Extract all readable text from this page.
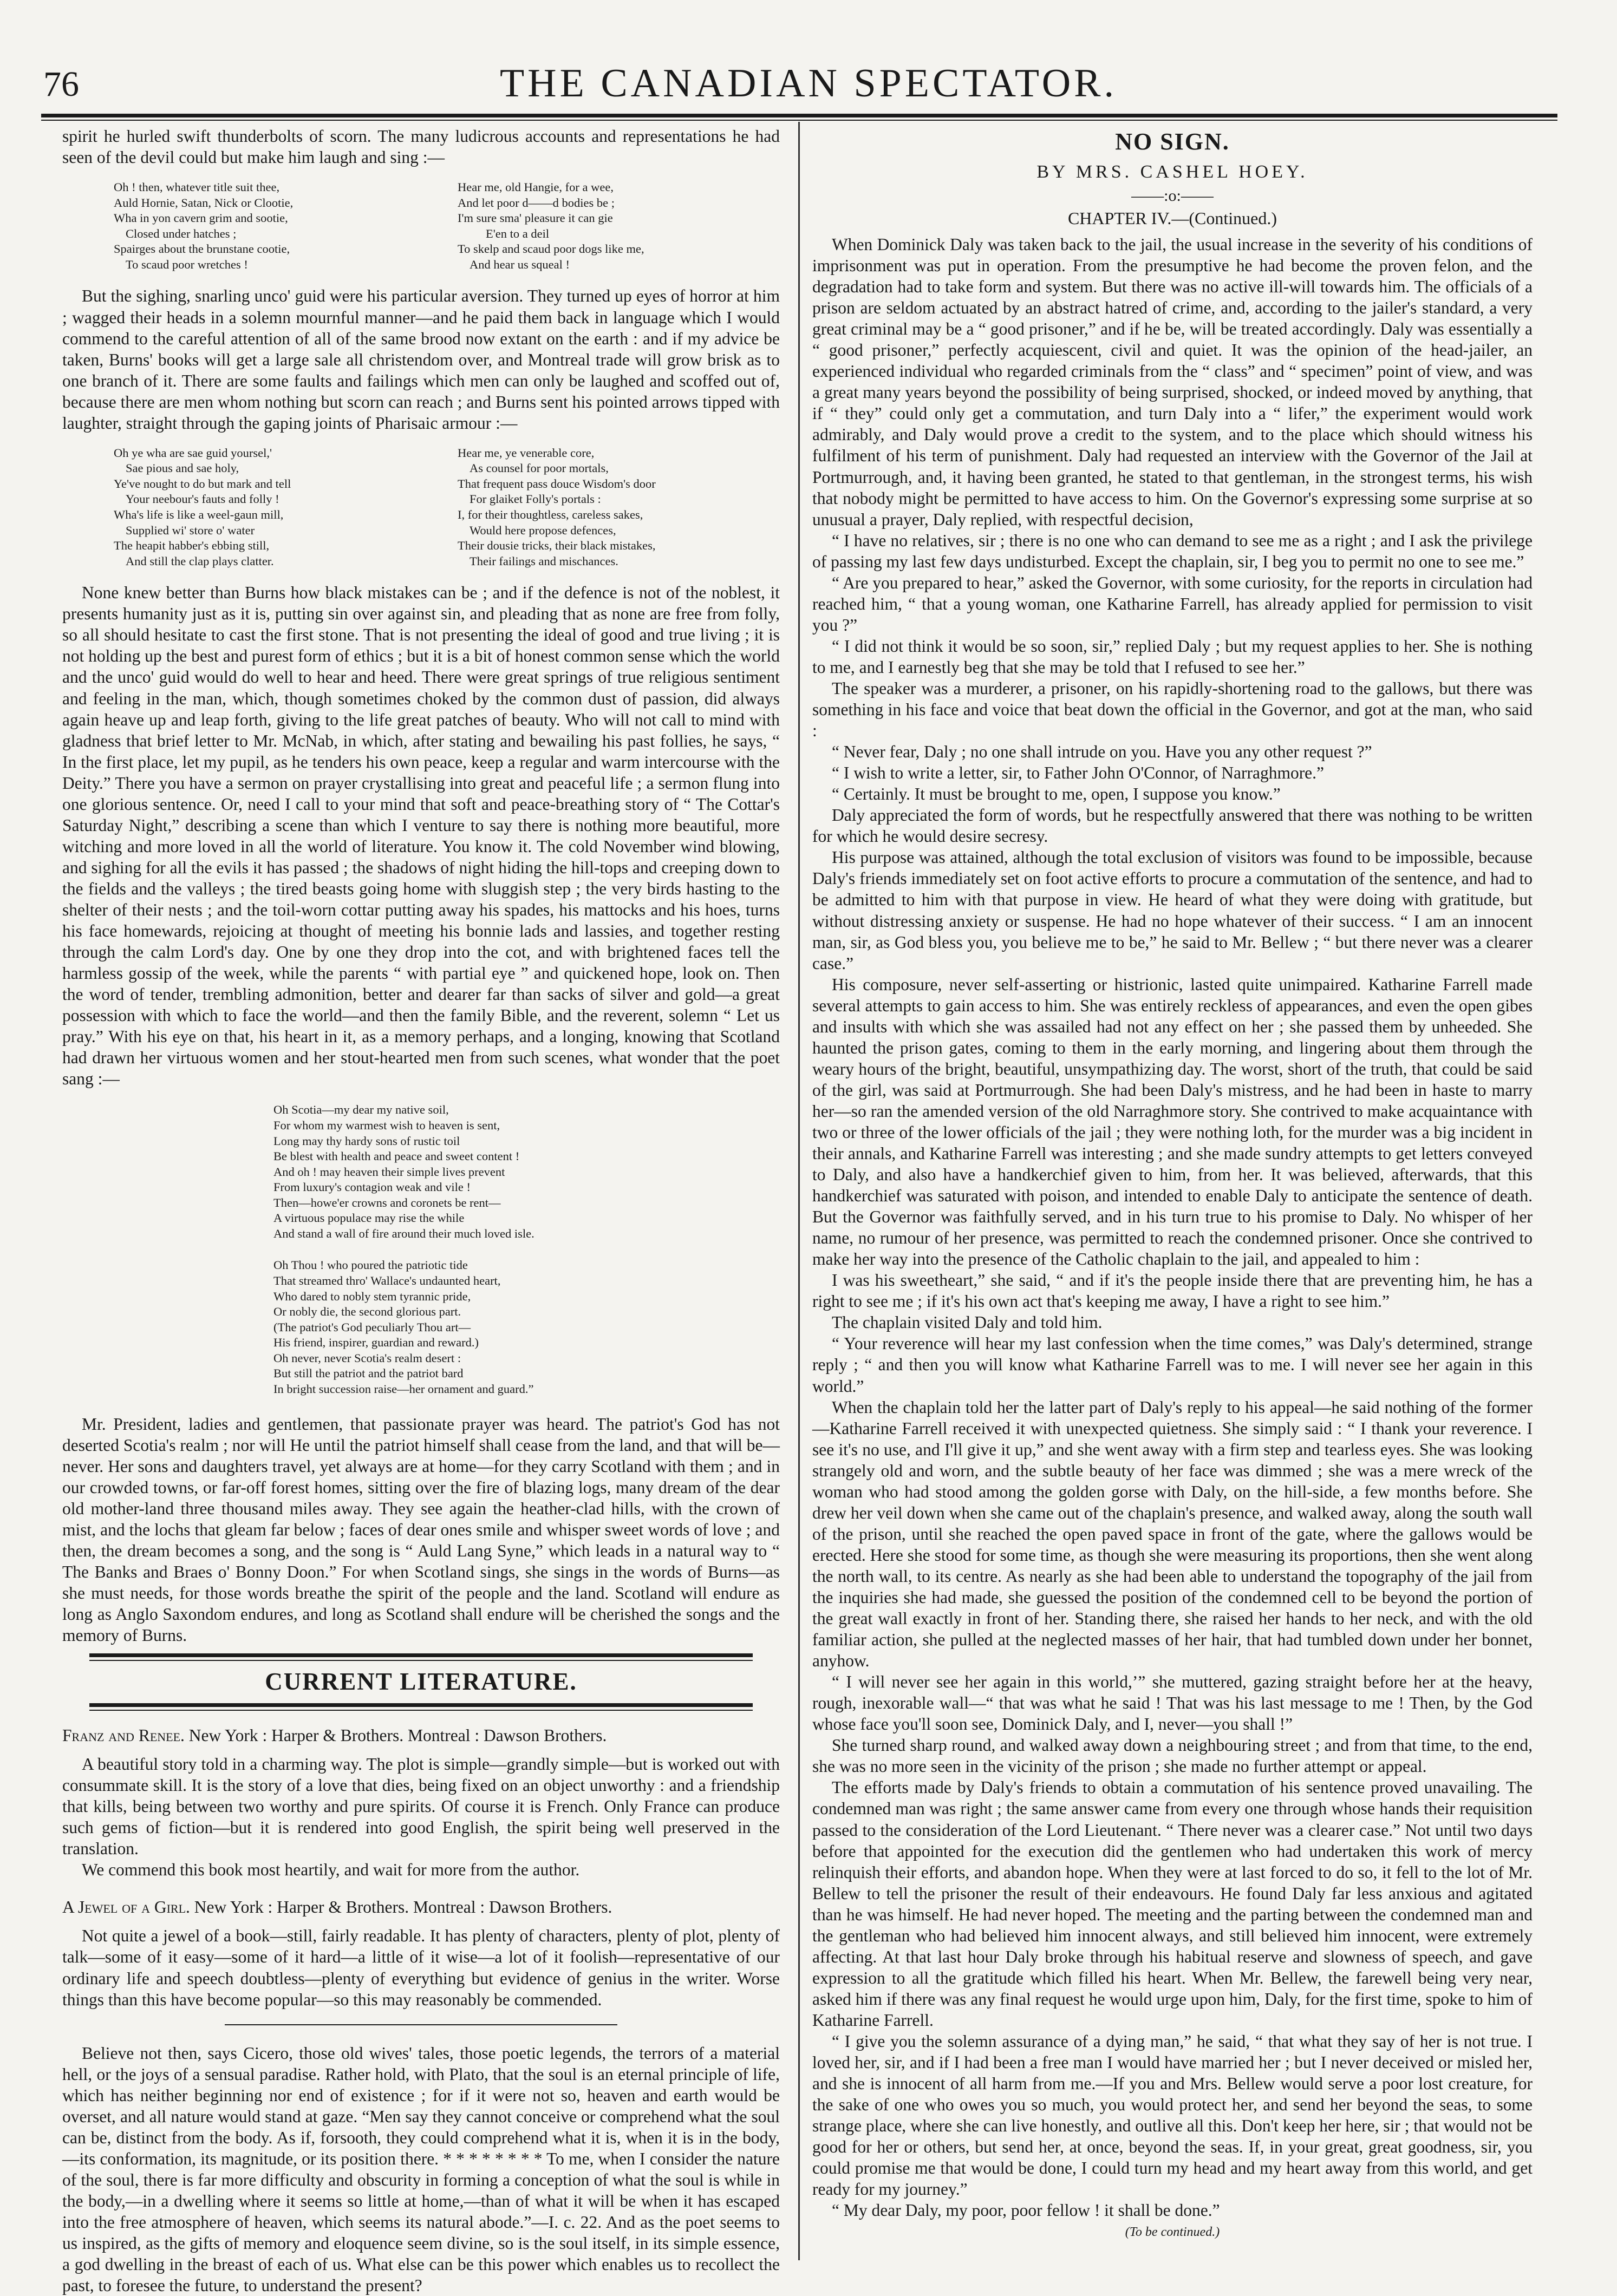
76	THE CANADIAN SPECTATOR.

spirit he hurled swift thunderbolts of scorn. The many ludicrous accounts and representations he had seen of the devil could but make him laugh and sing :—

Oh ! then, whatever title suit thee,
Auld Hornie, Satan, Nick or Clootie,
Wha in yon cavern grim and sootie,
Closed under hatches ;
Spairges about the brunstane cootie,
To scaud poor wretches !
Hear me, old Hangie, for a wee,
And let poor d——d bodies be ;
I'm sure sma' pleasure it can gie
E'en to a deil
To skelp and scaud poor dogs like me,
And hear us squeal !

But the sighing, snarling unco' guid were his particular aversion. They turned up eyes of horror at him ; wagged their heads in a solemn mournful manner—and he paid them back in language which I would commend to the careful attention of all of the same brood now extant on the earth : and if my advice be taken, Burns' books will get a large sale all christendom over, and Montreal trade will grow brisk as to one branch of it. There are some faults and failings which men can only be laughed and scoffed out of, because there are men whom nothing but scorn can reach ; and Burns sent his pointed arrows tipped with laughter, straight through the gaping joints of Pharisaic armour :—

Oh ye wha are sae guid yoursel,'
Sae pious and sae holy,
Ye've nought to do but mark and tell
Your neebour's fauts and folly !
Wha's life is like a weel-gaun mill,
Supplied wi' store o' water
The heapit habber's ebbing still,
And still the clap plays clatter.
Hear me, ye venerable core,
As counsel for poor mortals,
That frequent pass douce Wisdom's door
For glaiket Folly's portals :
I, for their thoughtless, careless sakes,
Would here propose defences,
Their dousie tricks, their black mistakes,
Their failings and mischances.

None knew better than Burns how black mistakes can be ; and if the defence is not of the noblest, it presents humanity just as it is, putting sin over against sin, and pleading that as none are free from folly, so all should hesitate to cast the first stone. That is not presenting the ideal of good and true living ; it is not holding up the best and purest form of ethics ; but it is a bit of honest common sense which the world and the unco' guid would do well to hear and heed. There were great springs of true religious sentiment and feeling in the man, which, though sometimes choked by the common dust of passion, did always again heave up and leap forth, giving to the life great patches of beauty. Who will not call to mind with gladness that brief letter to Mr. McNab, in which, after stating and bewailing his past follies, he says, “ In the first place, let my pupil, as he tenders his own peace, keep a regular and warm intercourse with the Deity.” There you have a sermon on prayer crystallising into great and peaceful life ; a sermon flung into one glorious sentence. Or, need I call to your mind that soft and peace-breathing story of “ The Cottar's Saturday Night,” describing a scene than which I venture to say there is nothing more beautiful, more witching and more loved in all the world of literature. You know it. The cold November wind blowing, and sighing for all the evils it has passed ; the shadows of night hiding the hill-tops and creeping down to the fields and the valleys ; the tired beasts going home with sluggish step ; the very birds hasting to the shelter of their nests ; and the toil-worn cottar putting away his spades, his mattocks and his hoes, turns his face homewards, rejoicing at thought of meeting his bonnie lads and lassies, and together resting through the calm Lord's day. One by one they drop into the cot, and with brightened faces tell the harmless gossip of the week, while the parents “ with partial eye ” and quickened hope, look on. Then the word of tender, trembling admonition, better and dearer far than sacks of silver and gold—a great possession with which to face the world—and then the family Bible, and the reverent, solemn “ Let us pray.” With his eye on that, his heart in it, as a memory perhaps, and a longing, knowing that Scotland had drawn her virtuous women and her stout-hearted men from such scenes, what wonder that the poet sang :—

Oh Scotia—my dear my native soil,
For whom my warmest wish to heaven is sent,
Long may thy hardy sons of rustic toil
Be blest with health and peace and sweet content !
And oh ! may heaven their simple lives prevent
From luxury's contagion weak and vile !
Then—howe'er crowns and coronets be rent—
A virtuous populace may rise the while
And stand a wall of fire around their much loved isle.
Oh Thou ! who poured the patriotic tide
That streamed thro' Wallace's undaunted heart,
Who dared to nobly stem tyrannic pride,
Or nobly die, the second glorious part.
(The patriot's God peculiarly Thou art—
His friend, inspirer, guardian and reward.)
Oh never, never Scotia's realm desert :
But still the patriot and the patriot bard
In bright succession raise—her ornament and guard.”

Mr. President, ladies and gentlemen, that passionate prayer was heard. The patriot's God has not deserted Scotia's realm ; nor will He until the patriot himself shall cease from the land, and that will be—never. Her sons and daughters travel, yet always are at home—for they carry Scotland with them ; and in our crowded towns, or far-off forest homes, sitting over the fire of blazing logs, many dream of the dear old mother-land three thousand miles away. They see again the heather-clad hills, with the crown of mist, and the lochs that gleam far below ; faces of dear ones smile and whisper sweet words of love ; and then, the dream becomes a song, and the song is “ Auld Lang Syne,” which leads in a natural way to “ The Banks and Braes o' Bonny Doon.” For when Scotland sings, she sings in the words of Burns—as she must needs, for those words breathe the spirit of the people and the land. Scotland will endure as long as Anglo Saxondom endures, and long as Scotland shall endure will be cherished the songs and the memory of Burns.

CURRENT LITERATURE.

Franz and Renee. New York : Harper & Brothers. Montreal : Dawson Brothers.

A beautiful story told in a charming way. The plot is simple—grandly simple—but is worked out with consummate skill. It is the story of a love that dies, being fixed on an object unworthy : and a friendship that kills, being between two worthy and pure spirits. Of course it is French. Only France can produce such gems of fiction—but it is rendered into good English, the spirit being well preserved in the translation.

We commend this book most heartily, and wait for more from the author.

A Jewel of a Girl. New York : Harper & Brothers. Montreal : Dawson Brothers.

Not quite a jewel of a book—still, fairly readable. It has plenty of characters, plenty of plot, plenty of talk—some of it easy—some of it hard—a little of it wise—a lot of it foolish—representative of our ordinary life and speech doubtless—plenty of everything but evidence of genius in the writer. Worse things than this have become popular—so this may reasonably be commended.

Believe not then, says Cicero, those old wives' tales, those poetic legends, the terrors of a material hell, or the joys of a sensual paradise. Rather hold, with Plato, that the soul is an eternal principle of life, which has neither beginning nor end of existence ; for if it were not so, heaven and earth would be overset, and all nature would stand at gaze. “Men say they cannot conceive or comprehend what the soul can be, distinct from the body. As if, forsooth, they could comprehend what it is, when it is in the body,—its conformation, its magnitude, or its position there. * * * * * * * * To me, when I consider the nature of the soul, there is far more difficulty and obscurity in forming a conception of what the soul is while in the body,—in a dwelling where it seems so little at home,—than of what it will be when it has escaped into the free atmosphere of heaven, which seems its natural abode.”—I. c. 22. And as the poet seems to us inspired, as the gifts of memory and eloquence seem divine, so is the soul itself, in its simple essence, a god dwelling in the breast of each of us. What else can be this power which enables us to recollect the past, to foresee the future, to understand the present?

NO SIGN.
BY MRS. CASHEL HOEY.
——:o:——
CHAPTER IV.—(Continued.)

When Dominick Daly was taken back to the jail, the usual increase in the severity of his conditions of imprisonment was put in operation. From the presumptive he had become the proven felon, and the degradation had to take form and system. But there was no active ill-will towards him. The officials of a prison are seldom actuated by an abstract hatred of crime, and, according to the jailer's standard, a very great criminal may be a “ good prisoner,” and if he be, will be treated accordingly. Daly was essentially a “ good prisoner,” perfectly acquiescent, civil and quiet. It was the opinion of the head-jailer, an experienced individual who regarded criminals from the “ class” and “ specimen” point of view, and was a great many years beyond the possibility of being surprised, shocked, or indeed moved by anything, that if “ they” could only get a commutation, and turn Daly into a “ lifer,” the experiment would work admirably, and Daly would prove a credit to the system, and to the place which should witness his fulfilment of his term of punishment. Daly had requested an interview with the Governor of the Jail at Portmurrough, and, it having been granted, he stated to that gentleman, in the strongest terms, his wish that nobody might be permitted to have access to him. On the Governor's expressing some surprise at so unusual a prayer, Daly replied, with respectful decision,

“ I have no relatives, sir ; there is no one who can demand to see me as a right ; and I ask the privilege of passing my last few days undisturbed. Except the chaplain, sir, I beg you to permit no one to see me.”

“ Are you prepared to hear,” asked the Governor, with some curiosity, for the reports in circulation had reached him, “ that a young woman, one Katharine Farrell, has already applied for permission to visit you ?”

“ I did not think it would be so soon, sir,” replied Daly ; but my request applies to her. She is nothing to me, and I earnestly beg that she may be told that I refused to see her.”

The speaker was a murderer, a prisoner, on his rapidly-shortening road to the gallows, but there was something in his face and voice that beat down the official in the Governor, and got at the man, who said :

“ Never fear, Daly ; no one shall intrude on you. Have you any other request ?”

“ I wish to write a letter, sir, to Father John O'Connor, of Narraghmore.”

“ Certainly. It must be brought to me, open, I suppose you know.”

Daly appreciated the form of words, but he respectfully answered that there was nothing to be written for which he would desire secresy.

His purpose was attained, although the total exclusion of visitors was found to be impossible, because Daly's friends immediately set on foot active efforts to procure a commutation of the sentence, and had to be admitted to him with that purpose in view. He heard of what they were doing with gratitude, but without distressing anxiety or suspense. He had no hope whatever of their success. “ I am an innocent man, sir, as God bless you, you believe me to be,” he said to Mr. Bellew ; “ but there never was a clearer case.”

His composure, never self-asserting or histrionic, lasted quite unimpaired. Katharine Farrell made several attempts to gain access to him. She was entirely reckless of appearances, and even the open gibes and insults with which she was assailed had not any effect on her ; she passed them by unheeded. She haunted the prison gates, coming to them in the early morning, and lingering about them through the weary hours of the bright, beautiful, unsympathizing day. The worst, short of the truth, that could be said of the girl, was said at Portmurrough. She had been Daly's mistress, and he had been in haste to marry her—so ran the amended version of the old Narraghmore story. She contrived to make acquaintance with two or three of the lower officials of the jail ; they were nothing loth, for the murder was a big incident in their annals, and Katharine Farrell was interesting ; and she made sundry attempts to get letters conveyed to Daly, and also have a handkerchief given to him, from her. It was believed, afterwards, that this handkerchief was saturated with poison, and intended to enable Daly to anticipate the sentence of death. But the Governor was faithfully served, and in his turn true to his promise to Daly. No whisper of her name, no rumour of her presence, was permitted to reach the condemned prisoner. Once she contrived to make her way into the presence of the Catholic chaplain to the jail, and appealed to him :

I was his sweetheart,” she said, “ and if it's the people inside there that are preventing him, he has a right to see me ; if it's his own act that's keeping me away, I have a right to see him.”

The chaplain visited Daly and told him.

“ Your reverence will hear my last confession when the time comes,” was Daly's determined, strange reply ; “ and then you will know what Katharine Farrell was to me. I will never see her again in this world.”

When the chaplain told her the latter part of Daly's reply to his appeal—he said nothing of the former—Katharine Farrell received it with unexpected quietness. She simply said : “ I thank your reverence. I see it's no use, and I'll give it up,” and she went away with a firm step and tearless eyes. She was looking strangely old and worn, and the subtle beauty of her face was dimmed ; she was a mere wreck of the woman who had stood among the golden gorse with Daly, on the hill-side, a few months before. She drew her veil down when she came out of the chaplain's presence, and walked away, along the south wall of the prison, until she reached the open paved space in front of the gate, where the gallows would be erected. Here she stood for some time, as though she were measuring its proportions, then she went along the north wall, to its centre. As nearly as she had been able to understand the topography of the jail from the inquiries she had made, she guessed the position of the condemned cell to be beyond the portion of the great wall exactly in front of her. Standing there, she raised her hands to her neck, and with the old familiar action, she pulled at the neglected masses of her hair, that had tumbled down under her bonnet, anyhow.

“ I will never see her again in this world,’” she muttered, gazing straight before her at the heavy, rough, inexorable wall—“ that was what he said ! That was his last message to me ! Then, by the God whose face you'll soon see, Dominick Daly, and I, never—you shall !”

She turned sharp round, and walked away down a neighbouring street ; and from that time, to the end, she was no more seen in the vicinity of the prison ; she made no further attempt or appeal.

The efforts made by Daly's friends to obtain a commutation of his sentence proved unavailing. The condemned man was right ; the same answer came from every one through whose hands their requisition passed to the consideration of the Lord Lieutenant. “ There never was a clearer case.” Not until two days before that appointed for the execution did the gentlemen who had undertaken this work of mercy relinquish their efforts, and abandon hope. When they were at last forced to do so, it fell to the lot of Mr. Bellew to tell the prisoner the result of their endeavours. He found Daly far less anxious and agitated than he was himself. He had never hoped. The meeting and the parting between the condemned man and the gentleman who had believed him innocent always, and still believed him innocent, were extremely affecting. At that last hour Daly broke through his habitual reserve and slowness of speech, and gave expression to all the gratitude which filled his heart. When Mr. Bellew, the farewell being very near, asked him if there was any final request he would urge upon him, Daly, for the first time, spoke to him of Katharine Farrell.

“ I give you the solemn assurance of a dying man,” he said, “ that what they say of her is not true. I loved her, sir, and if I had been a free man I would have married her ; but I never deceived or misled her, and she is innocent of all harm from me.—If you and Mrs. Bellew would serve a poor lost creature, for the sake of one who owes you so much, you would protect her, and send her beyond the seas, to some strange place, where she can live honestly, and outlive all this. Don't keep her here, sir ; that would not be good for her or others, but send her, at once, beyond the seas. If, in your great, great goodness, sir, you could promise me that would be done, I could turn my head and my heart away from this world, and get ready for my journey.”

“ My dear Daly, my poor, poor fellow ! it shall be done.”

(To be continued.)
